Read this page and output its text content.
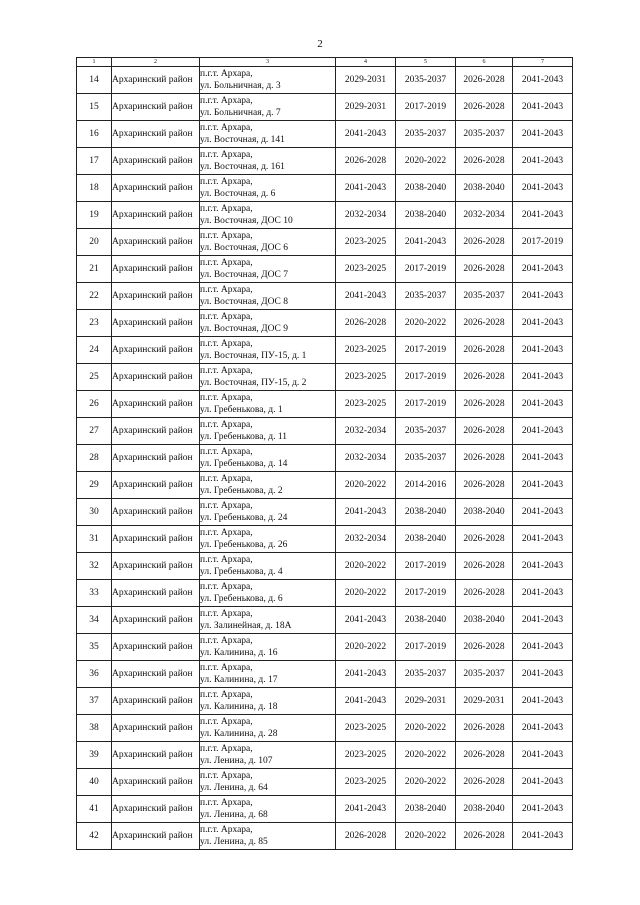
2
1	2	3	4	5	6	7
14	Архаринский район	п.г.т. Архара,
ул. Больничная, д. 3	2029-2031	2035-2037	2026-2028	2041-2043
15	Архаринский район	п.г.т. Архара,
ул. Больничная, д. 7	2029-2031	2017-2019	2026-2028	2041-2043
16	Архаринский район	п.г.т. Архара,
ул. Восточная, д. 141	2041-2043	2035-2037	2035-2037	2041-2043
17	Архаринский район	п.г.т. Архара,
ул. Восточная, д. 161	2026-2028	2020-2022	2026-2028	2041-2043
18	Архаринский район	п.г.т. Архара,
ул. Восточная, д. 6	2041-2043	2038-2040	2038-2040	2041-2043
19	Архаринский район	п.г.т. Архара,
ул. Восточная, ДОС 10	2032-2034	2038-2040	2032-2034	2041-2043
20	Архаринский район	п.г.т. Архара,
ул. Восточная, ДОС 6	2023-2025	2041-2043	2026-2028	2017-2019
21	Архаринский район	п.г.т. Архара,
ул. Восточная, ДОС 7	2023-2025	2017-2019	2026-2028	2041-2043
22	Архаринский район	п.г.т. Архара,
ул. Восточная, ДОС 8	2041-2043	2035-2037	2035-2037	2041-2043
23	Архаринский район	п.г.т. Архара,
ул. Восточная, ДОС 9	2026-2028	2020-2022	2026-2028	2041-2043
24	Архаринский район	п.г.т. Архара,
ул. Восточная, ПУ-15, д. 1	2023-2025	2017-2019	2026-2028	2041-2043
25	Архаринский район	п.г.т. Архара,
ул. Восточная, ПУ-15, д. 2	2023-2025	2017-2019	2026-2028	2041-2043
26	Архаринский район	п.г.т. Архара,
ул. Гребенькова, д. 1	2023-2025	2017-2019	2026-2028	2041-2043
27	Архаринский район	п.г.т. Архара,
ул. Гребенькова, д. 11	2032-2034	2035-2037	2026-2028	2041-2043
28	Архаринский район	п.г.т. Архара,
ул. Гребенькова, д. 14	2032-2034	2035-2037	2026-2028	2041-2043
29	Архаринский район	п.г.т. Архара,
ул. Гребенькова, д. 2	2020-2022	2014-2016	2026-2028	2041-2043
30	Архаринский район	п.г.т. Архара,
ул. Гребенькова, д. 24	2041-2043	2038-2040	2038-2040	2041-2043
31	Архаринский район	п.г.т. Архара,
ул. Гребенькова, д. 26	2032-2034	2038-2040	2026-2028	2041-2043
32	Архаринский район	п.г.т. Архара,
ул. Гребенькова, д. 4	2020-2022	2017-2019	2026-2028	2041-2043
33	Архаринский район	п.г.т. Архара,
ул. Гребенькова, д. 6	2020-2022	2017-2019	2026-2028	2041-2043
34	Архаринский район	п.г.т. Архара,
ул. Залинейная, д. 18А	2041-2043	2038-2040	2038-2040	2041-2043
35	Архаринский район	п.г.т. Архара,
ул. Калинина, д. 16	2020-2022	2017-2019	2026-2028	2041-2043
36	Архаринский район	п.г.т. Архара,
ул. Калинина, д. 17	2041-2043	2035-2037	2035-2037	2041-2043
37	Архаринский район	п.г.т. Архара,
ул. Калинина, д. 18	2041-2043	2029-2031	2029-2031	2041-2043
38	Архаринский район	п.г.т. Архара,
ул. Калинина, д. 28	2023-2025	2020-2022	2026-2028	2041-2043
39	Архаринский район	п.г.т. Архара,
ул. Ленина, д. 107	2023-2025	2020-2022	2026-2028	2041-2043
40	Архаринский район	п.г.т. Архара,
ул. Ленина, д. 64	2023-2025	2020-2022	2026-2028	2041-2043
41	Архаринский район	п.г.т. Архара,
ул. Ленина, д. 68	2041-2043	2038-2040	2038-2040	2041-2043
42	Архаринский район	п.г.т. Архара,
ул. Ленина, д. 85	2026-2028	2020-2022	2026-2028	2041-2043
